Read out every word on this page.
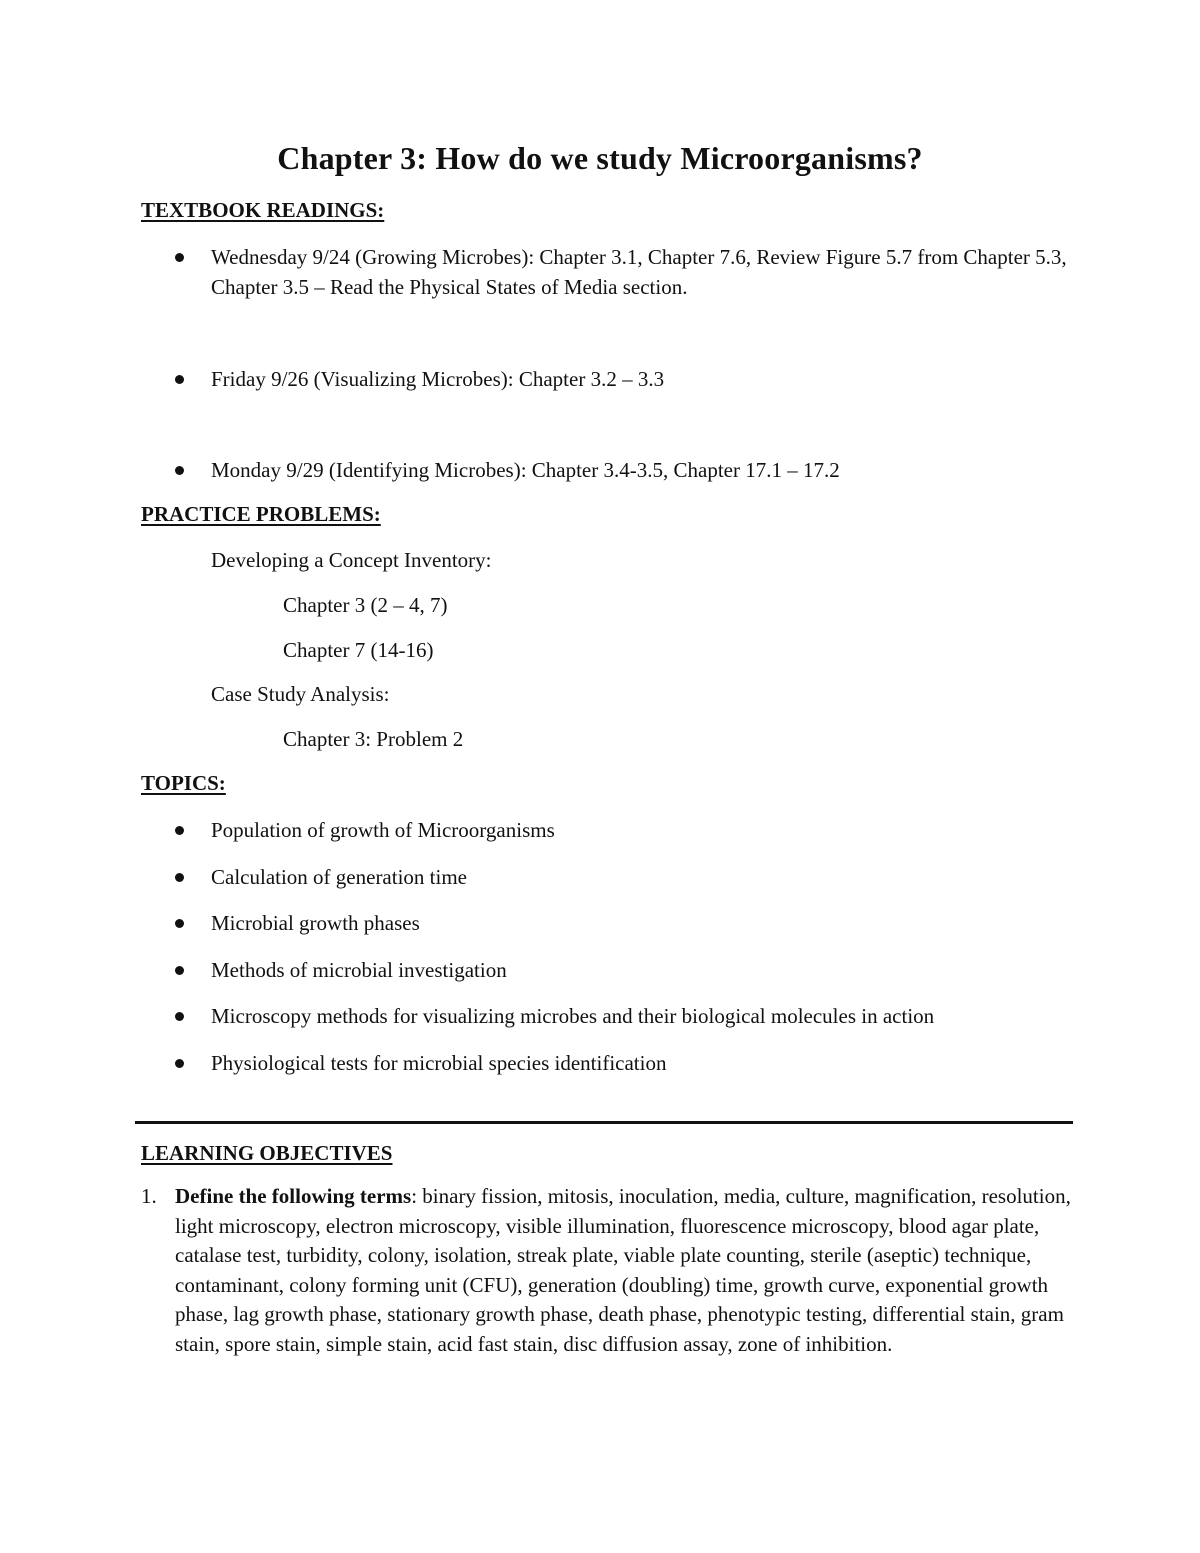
Chapter 3: How do we study Microorganisms?
TEXTBOOK READINGS:
Wednesday 9/24 (Growing Microbes): Chapter 3.1, Chapter 7.6, Review Figure 5.7 from Chapter 5.3, Chapter 3.5 – Read the Physical States of Media section.
Friday 9/26 (Visualizing Microbes): Chapter 3.2 – 3.3
Monday 9/29 (Identifying Microbes): Chapter 3.4-3.5, Chapter 17.1 – 17.2
PRACTICE PROBLEMS:
Developing a Concept Inventory:
Chapter 3 (2 – 4, 7)
Chapter 7 (14-16)
Case Study Analysis:
Chapter 3: Problem 2
TOPICS:
Population of growth of Microorganisms
Calculation of generation time
Microbial growth phases
Methods of microbial investigation
Microscopy methods for visualizing microbes and their biological molecules in action
Physiological tests for microbial species identification
LEARNING OBJECTIVES
1. Define the following terms: binary fission, mitosis, inoculation, media, culture, magnification, resolution, light microscopy, electron microscopy, visible illumination, fluorescence microscopy, blood agar plate, catalase test, turbidity, colony, isolation, streak plate, viable plate counting, sterile (aseptic) technique, contaminant, colony forming unit (CFU), generation (doubling) time, growth curve, exponential growth phase, lag growth phase, stationary growth phase, death phase, phenotypic testing, differential stain, gram stain, spore stain, simple stain, acid fast stain, disc diffusion assay, zone of inhibition.
